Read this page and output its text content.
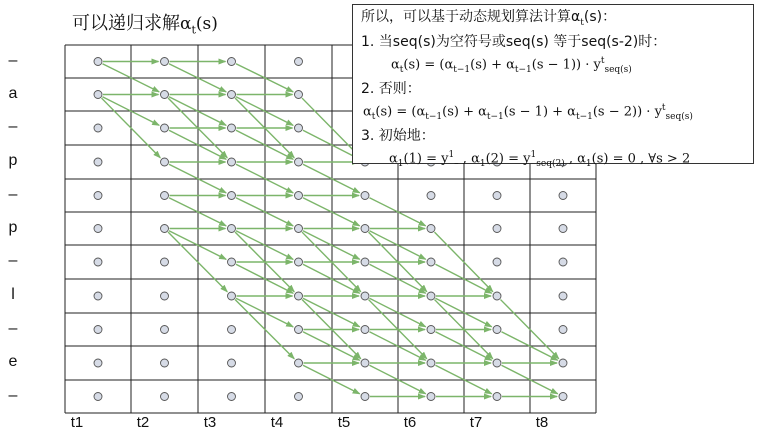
可以递归求解$\alpha_t(s)$
–
a
–
p
–
p
–
l
–
e
–
t1	t2	t3	t4	t5	t6	t7	t8
所以，可以基于动态规划算法计算$\alpha_t(s)$：
1. 当seq(s)为空符号或seq(s) 等于seq(s-2)时：
$\alpha_t(s) = (\alpha_{t-1}(s) + \alpha_{t-1}(s - 1)) \cdot y^t_{seq(s)}$
2. 否则：
$\alpha_t(s) = (\alpha_{t-1}(s) + \alpha_{t-1}(s - 1) + \alpha_{t-1}(s - 2)) \cdot y^t_{seq(s)}$
3. 初始地：
$\alpha_1(1) = y^1_-$ , $\alpha_1(2) = y^1_{seq(2)}$ , $\alpha_1(s) = 0$ , ∀s > 2
